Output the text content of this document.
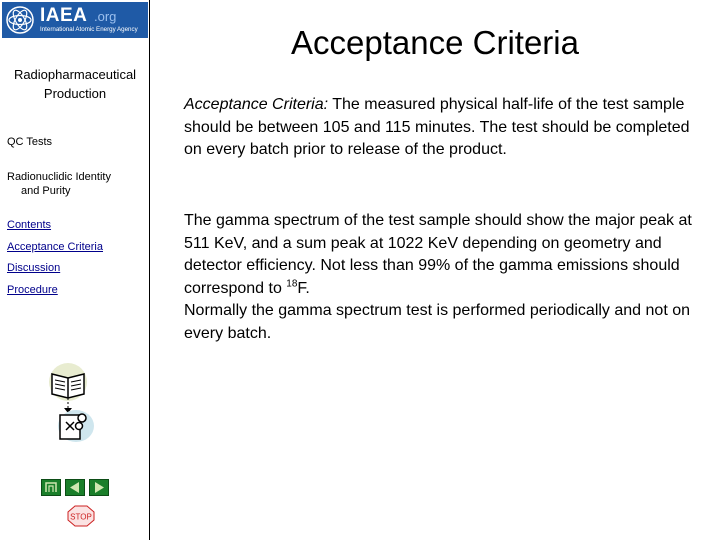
IAEA .org
International Atomic Energy Agency
Radiopharmaceutical Production
QC Tests
Radionuclidic Identity
and Purity
Contents
Acceptance Criteria
Discussion
Procedure
STOP
Acceptance Criteria
Acceptance Criteria: The measured physical half-life of the test sample should be between 105 and 115 minutes. The test should be completed on every batch prior to release of the product.
The gamma spectrum of the test sample should show the major peak at 511 KeV, and a sum peak at 1022 KeV depending on geometry and detector efficiency. Not less than 99% of the gamma emissions should correspond to $^{18}$F.
Normally the gamma spectrum test is performed periodically and not on every batch.
